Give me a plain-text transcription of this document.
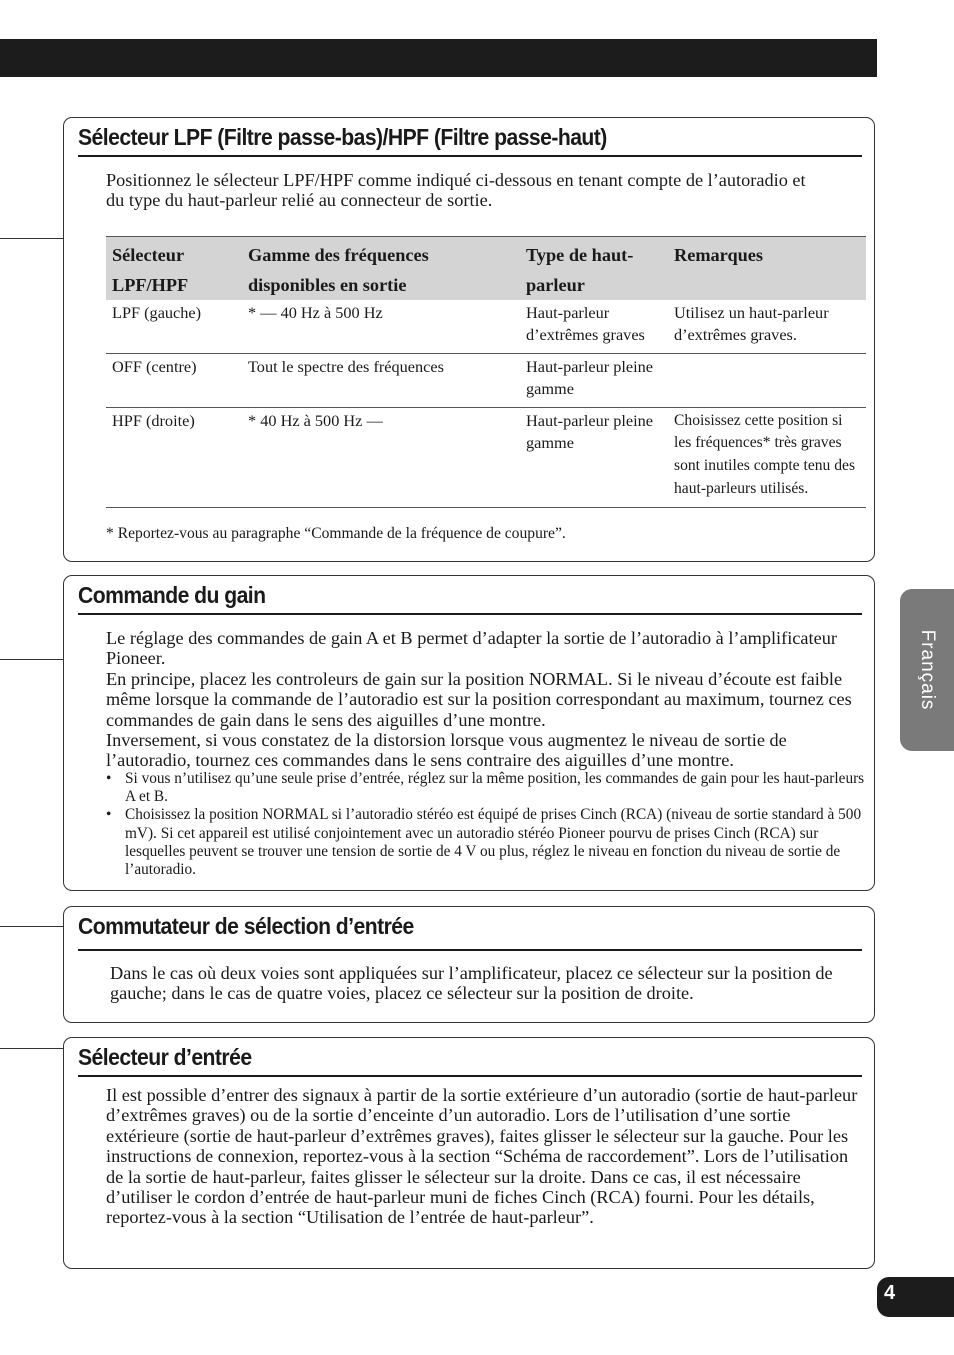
Sélecteur LPF (Filtre passe-bas)/HPF (Filtre passe-haut)
Positionnez le sélecteur LPF/HPF comme indiqué ci-dessous en tenant compte de l’autoradio et du type du haut-parleur relié au connecteur de sortie.
Sélecteur LPF/HPF	Gamme des fréquences disponibles en sortie	Type de haut-parleur	Remarques
LPF (gauche)	* — 40 Hz à 500 Hz	Haut-parleur d’extrêmes graves	Utilisez un haut-parleur d’extrêmes graves.
OFF (centre)	Tout le spectre des fréquences	Haut-parleur pleine gamme	
HPF (droite)	* 40 Hz à 500 Hz —	Haut-parleur pleine gamme	Choisissez cette position si les fréquences* très graves sont inutiles compte tenu des haut-parleurs utilisés.
* Reportez-vous au paragraphe “Commande de la fréquence de coupure”.
Commande du gain
Le réglage des commandes de gain A et B permet d’adapter la sortie de l’autoradio à l’amplificateur Pioneer.
En principe, placez les controleurs de gain sur la position NORMAL. Si le niveau d’écoute est faible même lorsque la commande de l’autoradio est sur la position correspondant au maximum, tournez ces commandes de gain dans le sens des aiguilles d’une montre.
Inversement, si vous constatez de la distorsion lorsque vous augmentez le niveau de sortie de l’autoradio, tournez ces commandes dans le sens contraire des aiguilles d’une montre.
• Si vous n’utilisez qu’une seule prise d’entrée, réglez sur la même position, les commandes de gain pour les haut-parleurs A et B.
• Choisissez la position NORMAL si l’autoradio stéréo est équipé de prises Cinch (RCA) (niveau de sortie standard à 500 mV). Si cet appareil est utilisé conjointement avec un autoradio stéréo Pioneer pourvu de prises Cinch (RCA) sur lesquelles peuvent se trouver une tension de sortie de 4 V ou plus, réglez le niveau en fonction du niveau de sortie de l’autoradio.
Commutateur de sélection d’entrée
Dans le cas où deux voies sont appliquées sur l’amplificateur, placez ce sélecteur sur la position de gauche; dans le cas de quatre voies, placez ce sélecteur sur la position de droite.
Sélecteur d’entrée
Il est possible d’entrer des signaux à partir de la sortie extérieure d’un autoradio (sortie de haut-parleur d’extrêmes graves) ou de la sortie d’enceinte d’un autoradio. Lors de l’utilisation d’une sortie extérieure (sortie de haut-parleur d’extrêmes graves), faites glisser le sélecteur sur la gauche. Pour les instructions de connexion, reportez-vous à la section “Schéma de raccordement”. Lors de l’utilisation de la sortie de haut-parleur, faites glisser le sélecteur sur la droite. Dans ce cas, il est nécessaire d’utiliser le cordon d’entrée de haut-parleur muni de fiches Cinch (RCA) fourni. Pour les détails, reportez-vous à la section “Utilisation de l’entrée de haut-parleur”.
Français
4
